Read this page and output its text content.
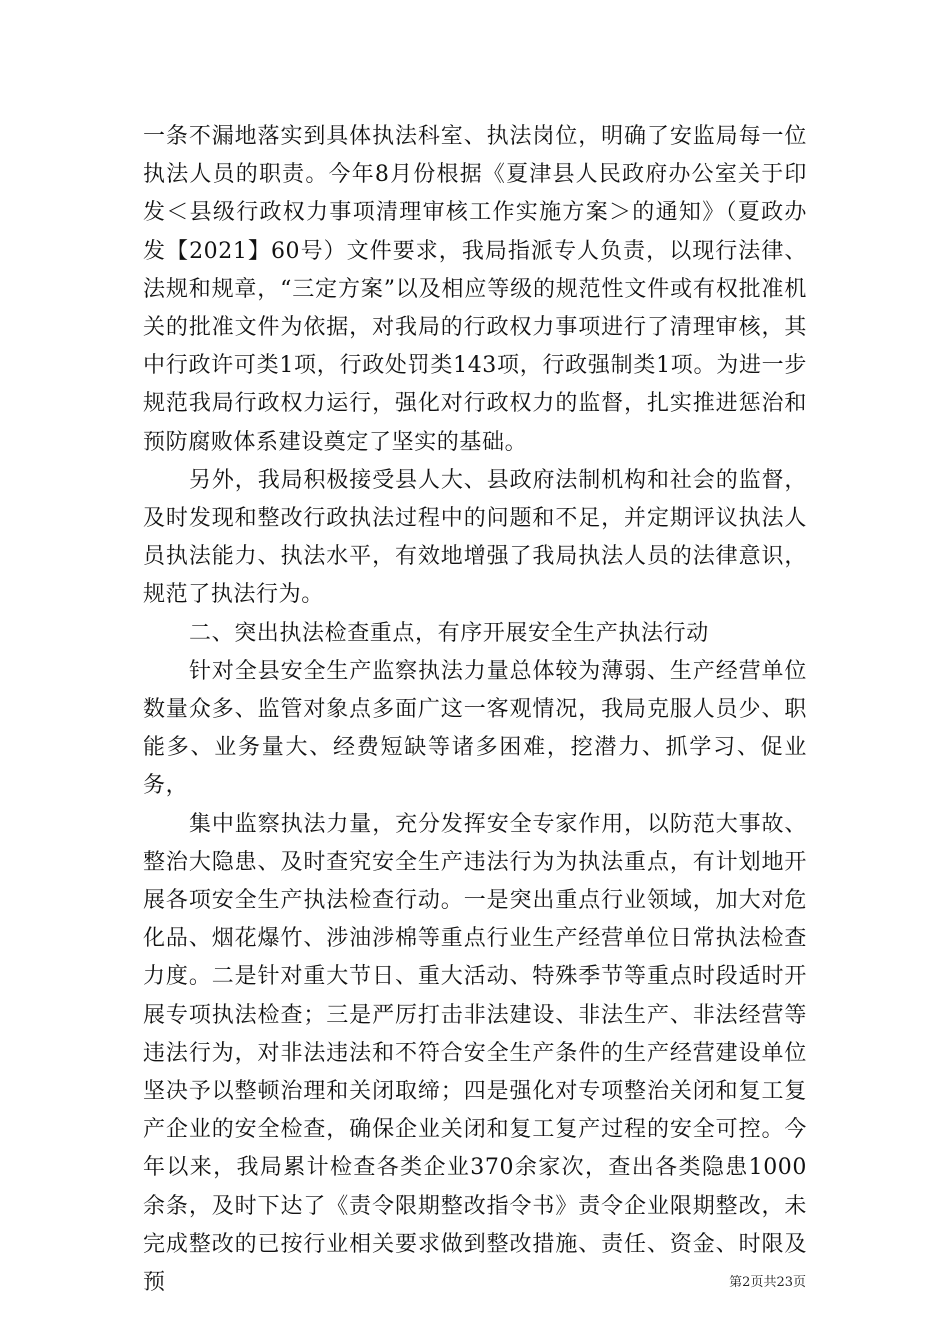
一条不漏地落实到具体执法科室、执法岗位，明确了安监局每一位执法人员的职责。今年8月份根据《夏津县人民政府办公室关于印发＜县级行政权力事项清理审核工作实施方案＞的通知》（夏政办发【2021】60号）文件要求，我局指派专人负责，以现行法律、法规和规章，“三定方案”以及相应等级的规范性文件或有权批准机关的批准文件为依据，对我局的行政权力事项进行了清理审核，其中行政许可类1项，行政处罚类143项，行政强制类1项。为进一步规范我局行政权力运行，强化对行政权力的监督，扎实推进惩治和预防腐败体系建设奠定了坚实的基础。

另外，我局积极接受县人大、县政府法制机构和社会的监督，及时发现和整改行政执法过程中的问题和不足，并定期评议执法人员执法能力、执法水平，有效地增强了我局执法人员的法律意识，规范了执法行为。

二、突出执法检查重点，有序开展安全生产执法行动

针对全县安全生产监察执法力量总体较为薄弱、生产经营单位数量众多、监管对象点多面广这一客观情况，我局克服人员少、职能多、业务量大、经费短缺等诸多困难，挖潜力、抓学习、促业务，

集中监察执法力量，充分发挥安全专家作用，以防范大事故、整治大隐患、及时查究安全生产违法行为为执法重点，有计划地开展各项安全生产执法检查行动。一是突出重点行业领域，加大对危化品、烟花爆竹、涉油涉棉等重点行业生产经营单位日常执法检查力度。二是针对重大节日、重大活动、特殊季节等重点时段适时开展专项执法检查；三是严厉打击非法建设、非法生产、非法经营等违法行为，对非法违法和不符合安全生产条件的生产经营建设单位坚决予以整顿治理和关闭取缔；四是强化对专项整治关闭和复工复产企业的安全检查，确保企业关闭和复工复产过程的安全可控。今年以来，我局累计检查各类企业370余家次，查出各类隐患1000余条，及时下达了《责令限期整改指令书》责令企业限期整改，未完成整改的已按行业相关要求做到整改措施、责任、资金、时限及预	第2页共23页
